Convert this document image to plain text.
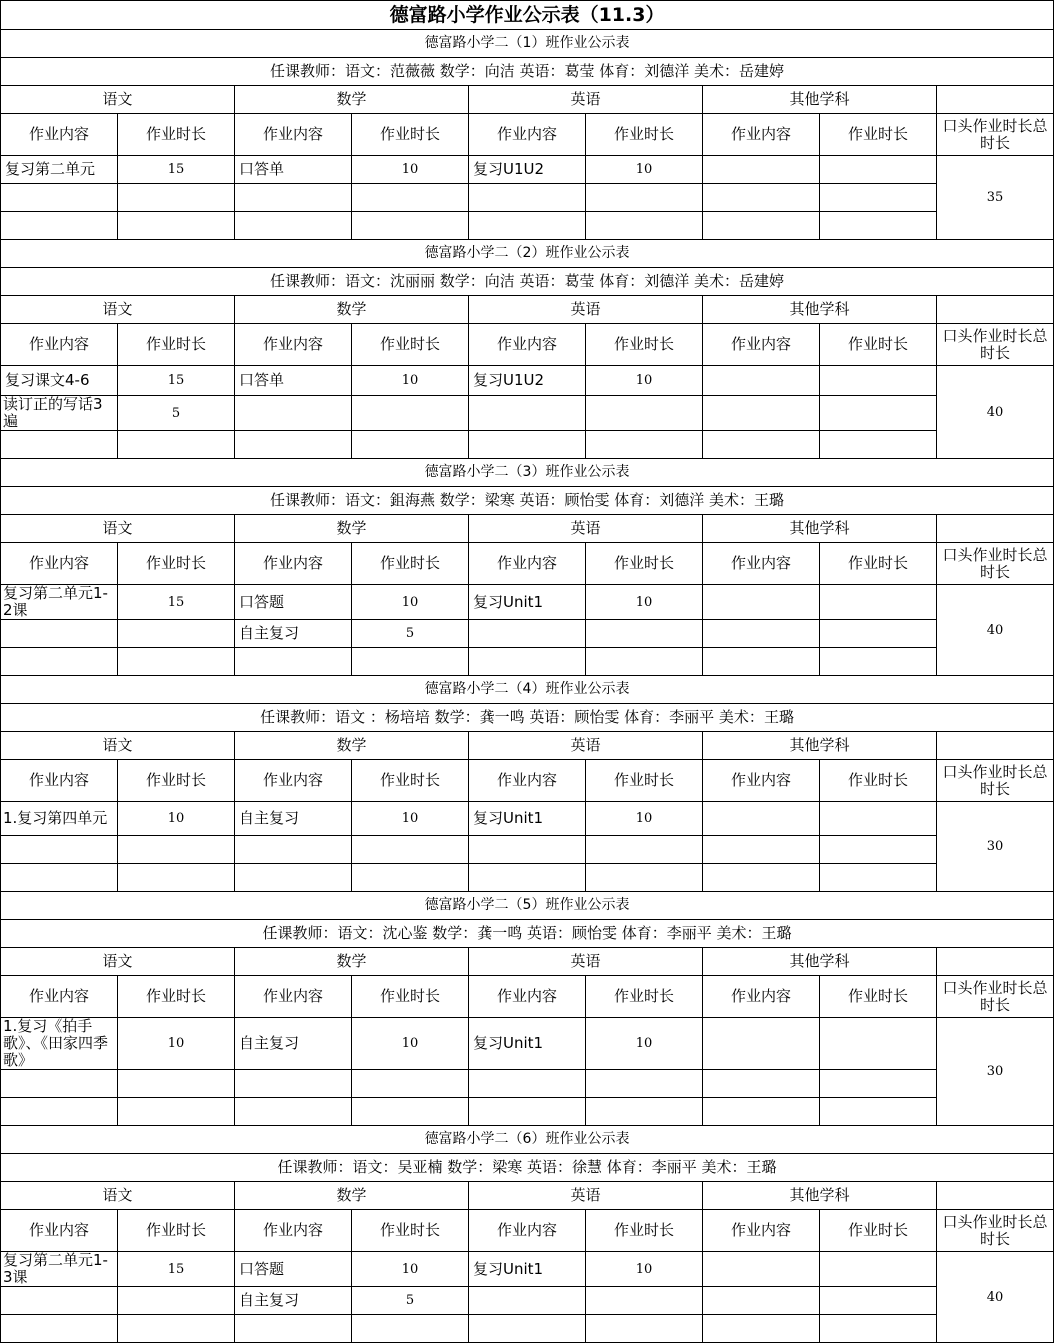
德富路小学作业公示表（11.3）								
德富路小学二（1）班作业公示表								
任课教师：语文：范薇薇 数学：向洁 英语：葛莹 体育：刘德洋 美术：岳建婷								
语文		数学		英语		其他学科		
作业内容	作业时长	作业内容	作业时长	作业内容	作业时长	作业内容	作业时长	口头作业时长总时长
复习第二单元	15	口答单	10	复习U1U2	10			35

德富路小学二（2）班作业公示表								
任课教师：语文：沈丽丽 数学：向洁 英语：葛莹 体育：刘德洋 美术：岳建婷								
语文		数学		英语		其他学科		
作业内容	作业时长	作业内容	作业时长	作业内容	作业时长	作业内容	作业时长	口头作业时长总时长
复习课文4-6	15	口答单	10	复习U1U2	10			40
读订正的写话3遍	5							

德富路小学二（3）班作业公示表								
任课教师：语文：鉏海燕 数学：梁寒 英语：顾怡雯 体育：刘德洋 美术：王璐								
语文		数学		英语		其他学科		
作业内容	作业时长	作业内容	作业时长	作业内容	作业时长	作业内容	作业时长	口头作业时长总时长
复习第二单元1-2课	15	口答题	10	复习Unit1	10			40
		自主复习	5					

德富路小学二（4）班作业公示表								
任课教师：语文 ：杨培培 数学：龚一鸣 英语：顾怡雯 体育：李丽平 美术：王璐								
语文		数学		英语		其他学科		
作业内容	作业时长	作业内容	作业时长	作业内容	作业时长	作业内容	作业时长	口头作业时长总时长
1.复习第四单元	10	自主复习	10	复习Unit1	10			30

德富路小学二（5）班作业公示表								
任课教师：语文：沈心鉴 数学：龚一鸣 英语：顾怡雯 体育：李丽平 美术：王璐								
语文		数学		英语		其他学科		
作业内容	作业时长	作业内容	作业时长	作业内容	作业时长	作业内容	作业时长	口头作业时长总时长
1.复习《拍手歌》、《田家四季歌》	10	自主复习	10	复习Unit1	10			30

德富路小学二（6）班作业公示表								
任课教师：语文：吴亚楠 数学：梁寒 英语：徐慧 体育：李丽平 美术：王璐								
语文		数学		英语		其他学科		
作业内容	作业时长	作业内容	作业时长	作业内容	作业时长	作业内容	作业时长	口头作业时长总时长
复习第二单元1-3课	15	口答题	10	复习Unit1	10			40
		自主复习	5					
